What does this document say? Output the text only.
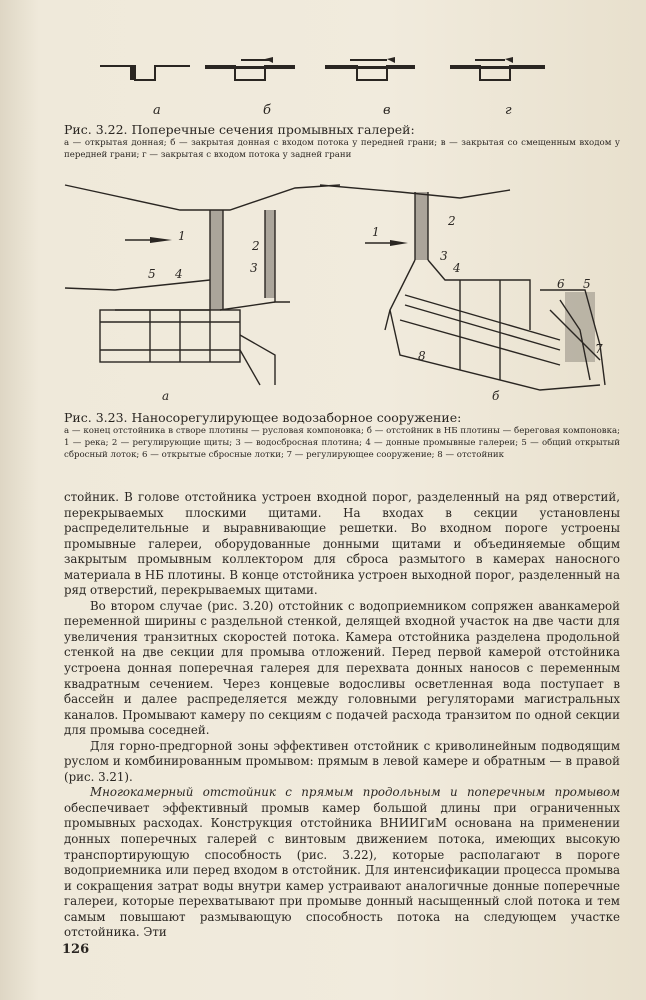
а	б	в	г
Рис. 3.22. Поперечные сечения промывных галерей:
а — открытая донная; б — закрытая донная с входом потока у передней грани; в — закрытая со смещенным входом у передней грани; г — закрытая с входом потока у задней грани
1
2
3
5 4
а
1
2
3
4
6 5
7
8
б
Рис. 3.23. Наносорегулирующее водозаборное сооружение:
а — конец отстойника в створе плотины — русловая компоновка; б — отстойник в НБ плотины — береговая компоновка; 1 — река; 2 — регулирующие щиты; 3 — водосбросная плотина; 4 — донные промывные галереи; 5 — общий открытый сбросный лоток; 6 — открытые сбросные лотки; 7 — регулирующее сооружение; 8 — отстойник

стойник. В голове отстойника устроен входной порог, разделенный на ряд отверстий, перекрываемых плоскими щитами. На входах в секции установлены распределительные и выравнивающие решетки. Во входном пороге устроены промывные галереи, оборудованные донными щитами и объединяемые общим закрытым промывным коллектором для сброса размытого в камерах наносного материала в НБ плотины. В конце отстойника устроен выходной порог, разделенный на ряд отверстий, перекрываемых щитами.

Во втором случае (рис. 3.20) отстойник с водоприемником сопряжен аванкамерой переменной ширины с раздельной стенкой, делящей входной участок на две части для увеличения транзитных скоростей потока. Камера отстойника разделена продольной стенкой на две секции для промыва отложений. Перед первой камерой отстойника устроена донная поперечная галерея для перехвата донных наносов с переменным квадратным сечением. Через концевые водосливы осветленная вода поступает в бассейн и далее распределяется между головными регуляторами магистральных каналов. Промывают камеру по секциям с подачей расхода транзитом по одной секции для промыва соседней.

Для горно-предгорной зоны эффективен отстойник с криволинейным подводящим руслом и комбинированным промывом: прямым в левой камере и обратным — в правой (рис. 3.21).

Многокамерный отстойник с прямым продольным и поперечным промывом обеспечивает эффективный промыв камер большой длины при ограниченных промывных расходах. Конструкция отстойника ВНИИГиМ основана на применении донных поперечных галерей с винтовым движением потока, имеющих высокую транспортирующую способность (рис. 3.22), которые располагают в пороге водоприемника или перед входом в отстойник. Для интенсификации процесса промыва и сокращения затрат воды внутри камер устраивают аналогичные донные поперечные галереи, которые перехватывают при промыве донный насыщенный слой потока и тем самым повышают размывающую способность потока на следующем участке отстойника. Эти

126
